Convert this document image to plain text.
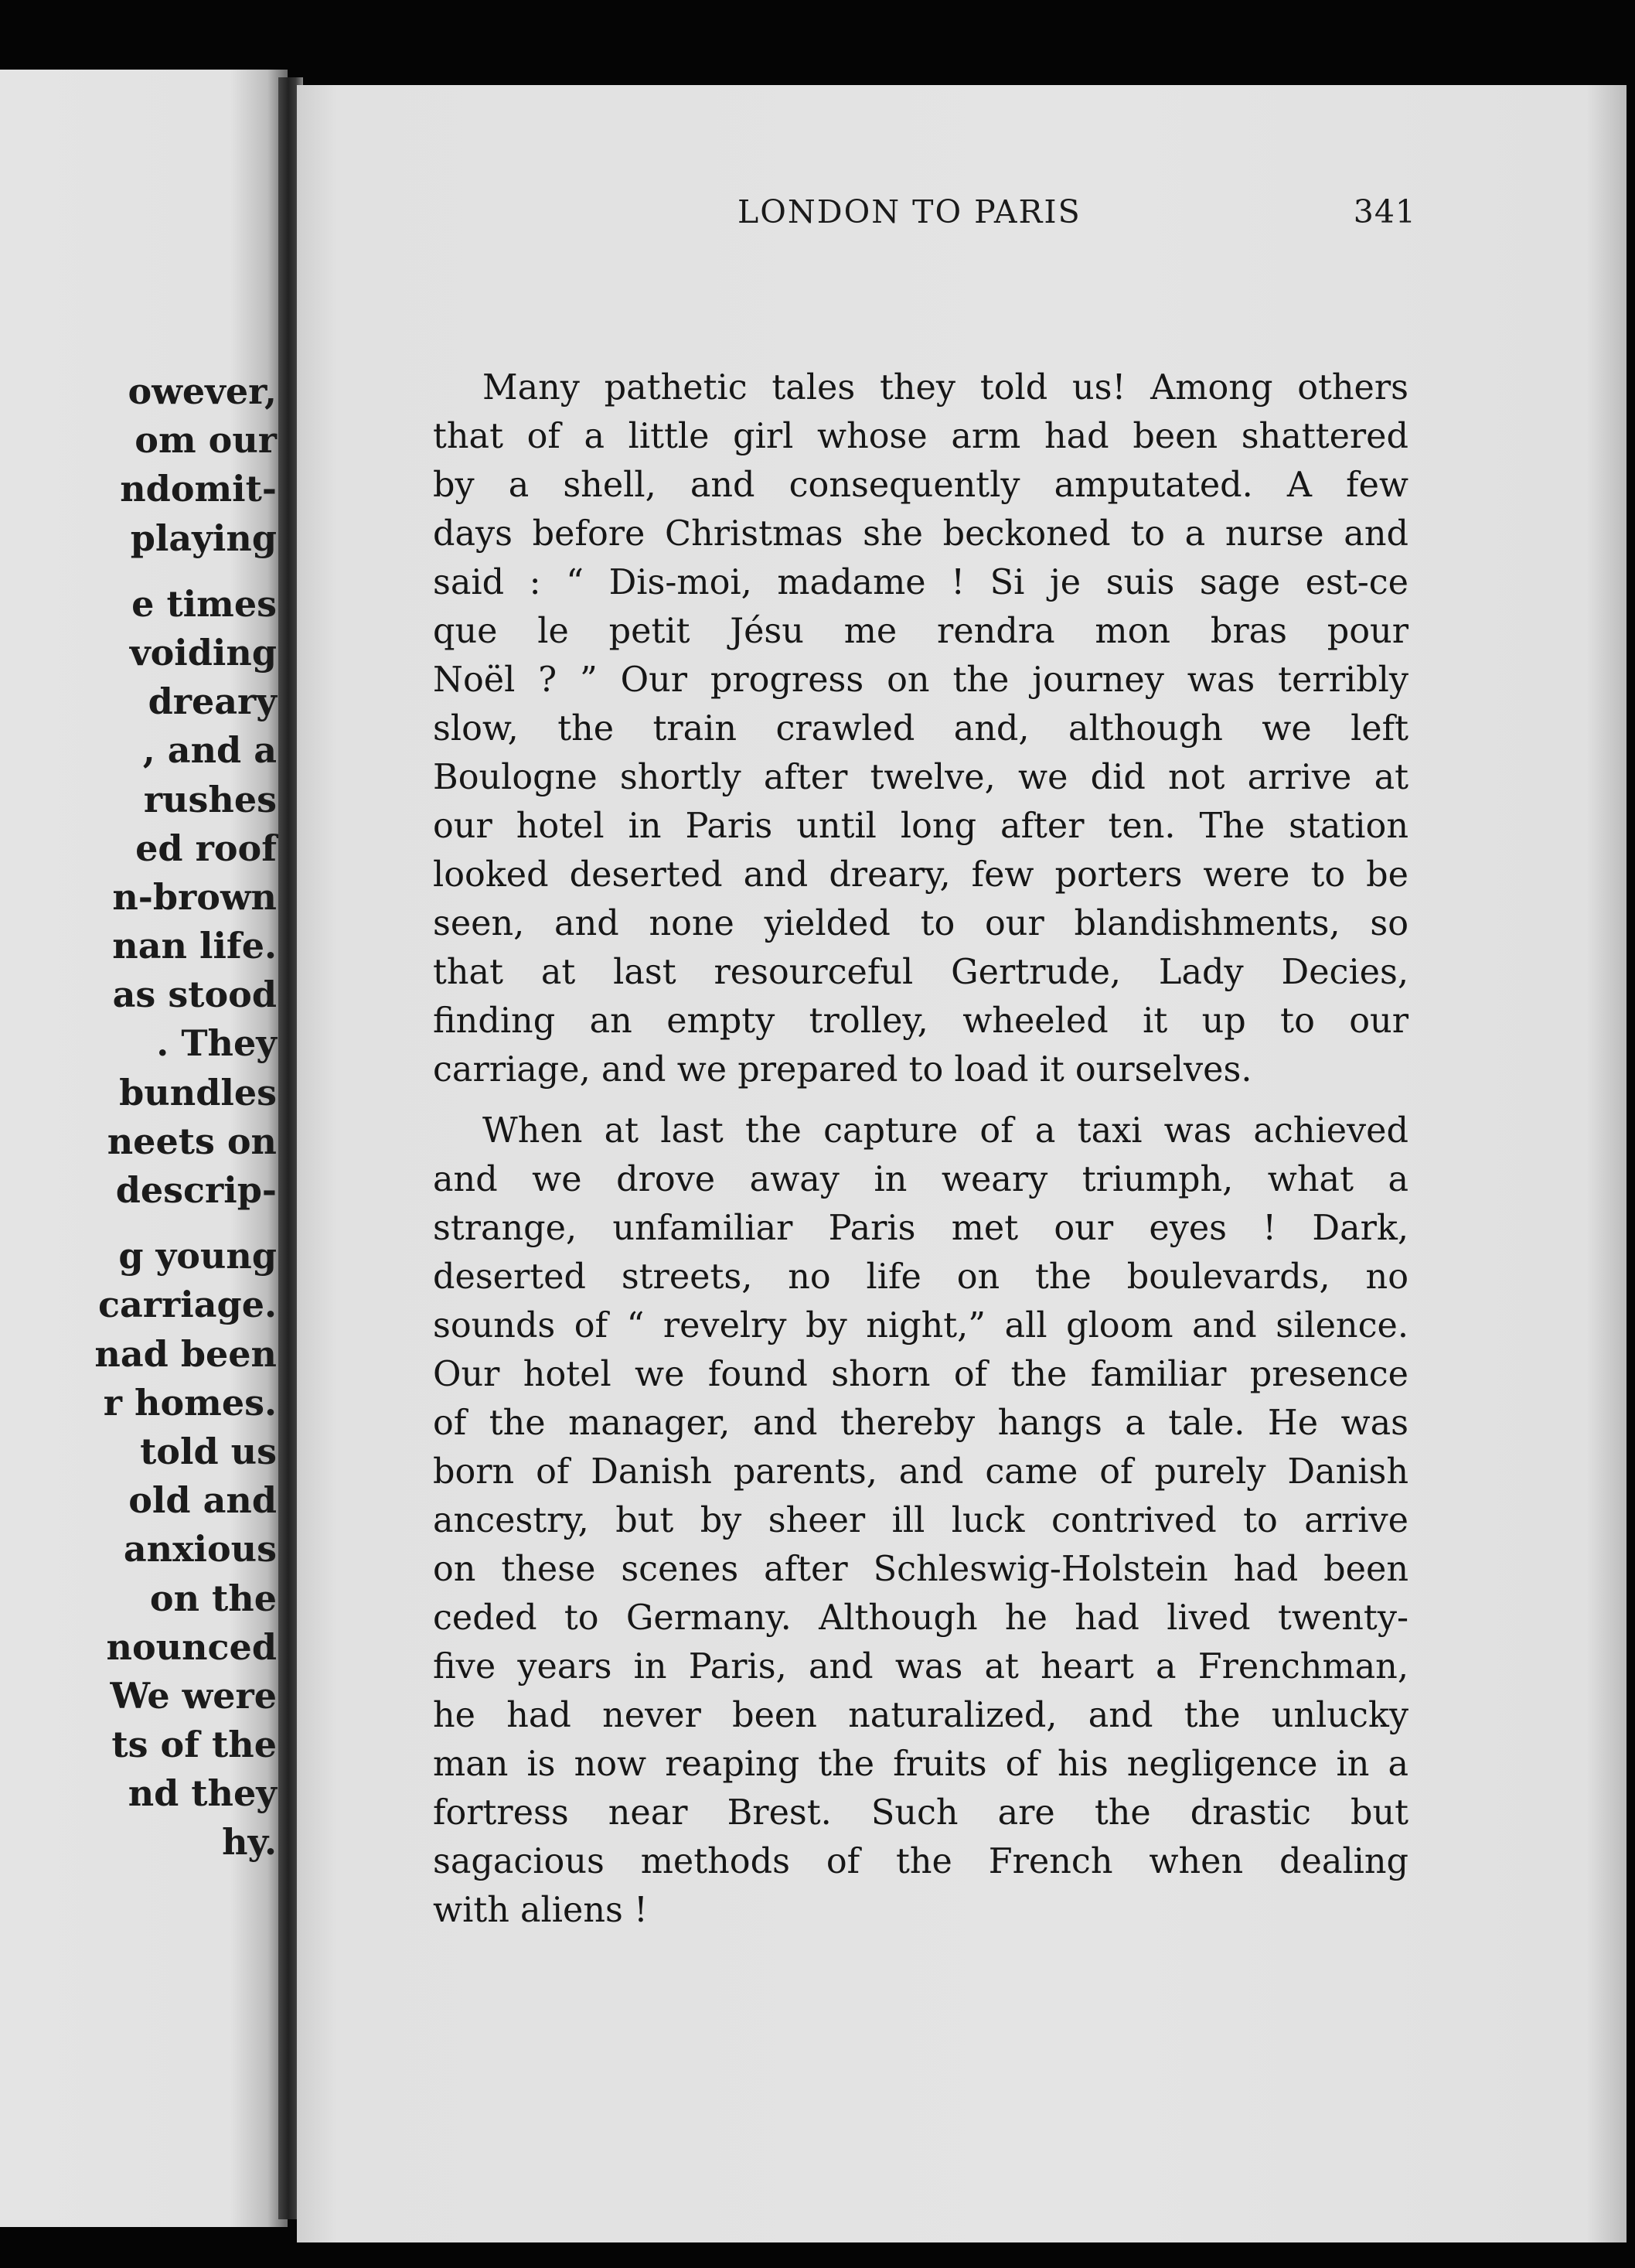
owever,
om our
ndomit-
playing
e times
voiding
dreary
, and a
rushes
ed roof
n-brown
nan life.
as stood
. They
bundles
neets on
descrip-
g young
carriage.
nad been
r homes.
told us
old and
anxious
on the
nounced
We were
ts of the
nd they
hy.
LONDON TO PARIS	341

Many pathetic tales they told us! Among others
that of a little girl whose arm had been shattered
by a shell, and consequently amputated. A few
days before Christmas she beckoned to a nurse and
said : “ Dis-moi, madame ! Si je suis sage est-ce
que le petit Jésu me rendra mon bras pour
Noël ? ” Our progress on the journey was terribly
slow, the train crawled and, although we left
Boulogne shortly after twelve, we did not arrive at
our hotel in Paris until long after ten. The station
looked deserted and dreary, few porters were to be
seen, and none yielded to our blandishments, so
that at last resourceful Gertrude, Lady Decies,
finding an empty trolley, wheeled it up to our
carriage, and we prepared to load it ourselves.

When at last the capture of a taxi was achieved
and we drove away in weary triumph, what a
strange, unfamiliar Paris met our eyes ! Dark,
deserted streets, no life on the boulevards, no
sounds of “ revelry by night,” all gloom and silence.
Our hotel we found shorn of the familiar presence
of the manager, and thereby hangs a tale. He was
born of Danish parents, and came of purely Danish
ancestry, but by sheer ill luck contrived to arrive
on these scenes after Schleswig-Holstein had been
ceded to Germany. Although he had lived twenty-
five years in Paris, and was at heart a Frenchman,
he had never been naturalized, and the unlucky
man is now reaping the fruits of his negligence in a
fortress near Brest. Such are the drastic but
sagacious methods of the French when dealing
with aliens !
